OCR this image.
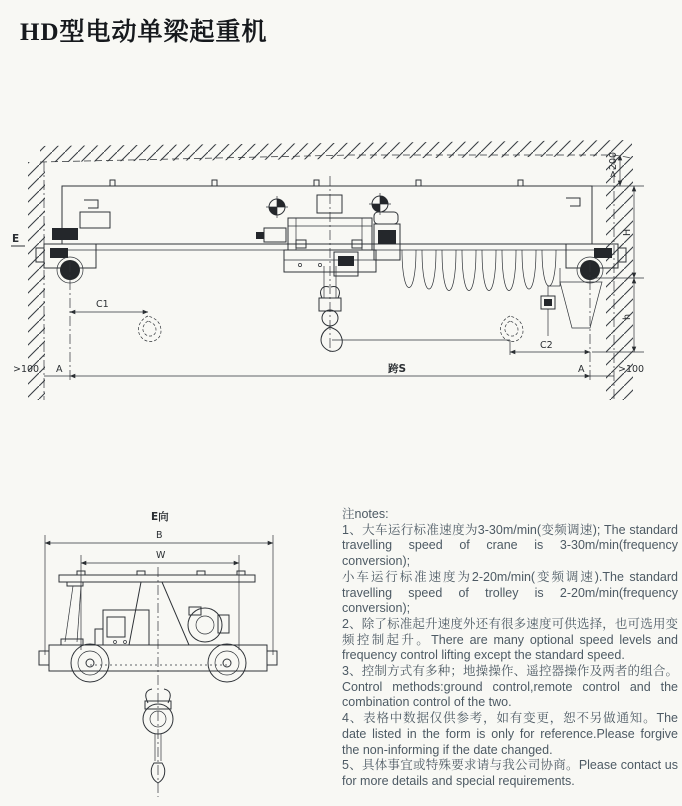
HD型电动单梁起重机
跨S
>100 A	>100
A
C1
C2
>200
H
h
E
E向
B
W

注notes:

1、大车运行标准速度为3-30m/min(变频调速); The standard travelling speed of crane is 3-30m/min(frequency conversion);

小车运行标准速度为2-20m/min(变频调速).The standard travelling speed of trolley is 2-20m/min(frequency conversion);

2、除了标准起升速度外还有很多速度可供选择，也可选用变频控制起升。There are many optional speed levels and frequency control lifting except the standard speed.

3、控制方式有多种；地操操作、遥控器操作及两者的组合。Control methods:ground control,remote control and the combination control of the two.

4、表格中数据仅供参考，如有变更，恕不另做通知。The date listed in the form is only for reference.Please forgive the non-informing if the date changed.

5、具体事宜或特殊要求请与我公司协商。Please contact us for more details and special requirements.
